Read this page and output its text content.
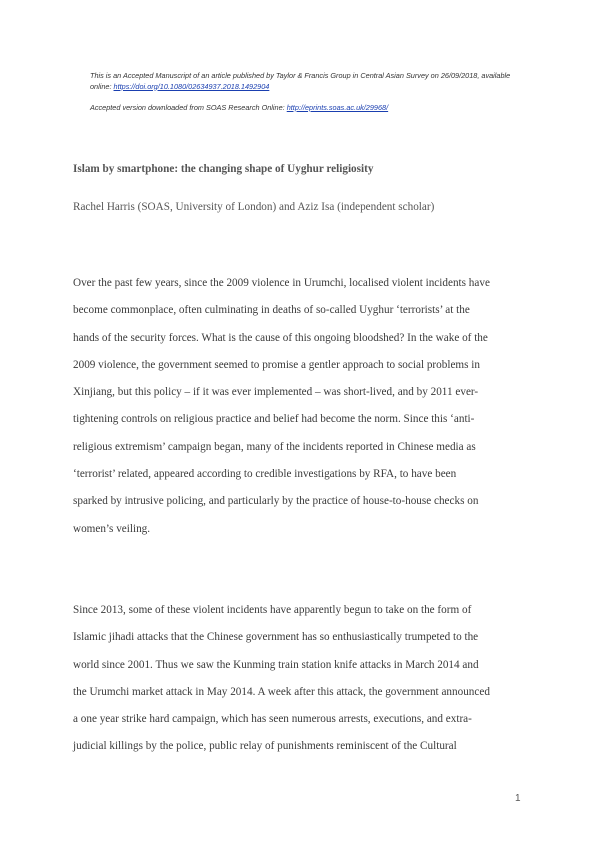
This is an Accepted Manuscript of an article published by Taylor & Francis Group in Central Asian Survey on 26/09/2018, available online: https://doi.org/10.1080/02634937.2018.1492904
Accepted version downloaded from SOAS Research Online: http://eprints.soas.ac.uk/29968/
Islam by smartphone: the changing shape of Uyghur religiosity
Rachel Harris (SOAS, University of London) and Aziz Isa (independent scholar)
Over the past few years, since the 2009 violence in Urumchi, localised violent incidents have
become commonplace, often culminating in deaths of so-called Uyghur ‘terrorists’ at the
hands of the security forces. What is the cause of this ongoing bloodshed? In the wake of the
2009 violence, the government seemed to promise a gentler approach to social problems in
Xinjiang, but this policy – if it was ever implemented – was short-lived, and by 2011 ever-
tightening controls on religious practice and belief had become the norm. Since this ‘anti-
religious extremism’ campaign began, many of the incidents reported in Chinese media as
‘terrorist’ related, appeared according to credible investigations by RFA, to have been
sparked by intrusive policing, and particularly by the practice of house-to-house checks on
women’s veiling.
Since 2013, some of these violent incidents have apparently begun to take on the form of
Islamic jihadi attacks that the Chinese government has so enthusiastically trumpeted to the
world since 2001. Thus we saw the Kunming train station knife attacks in March 2014 and
the Urumchi market attack in May 2014. A week after this attack, the government announced
a one year strike hard campaign, which has seen numerous arrests, executions, and extra-
judicial killings by the police, public relay of punishments reminiscent of the Cultural
1
